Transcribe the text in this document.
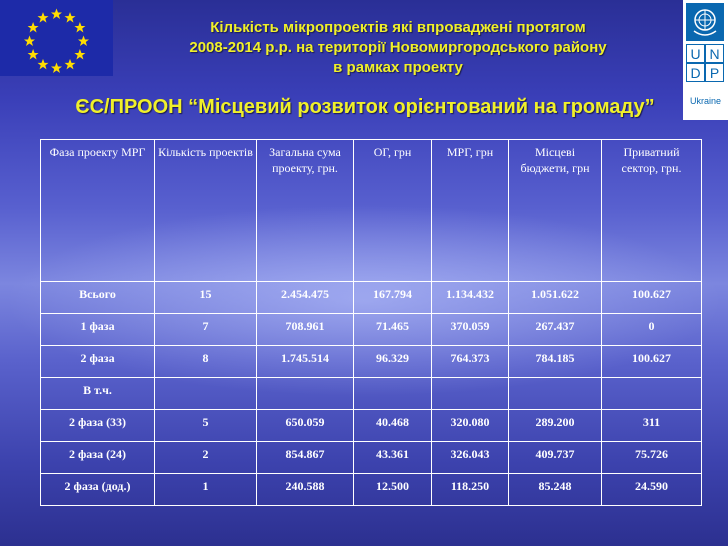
U N
D P
Ukraine
Кількість мікропроектів які впроваджені протягом
2008-2014 р.р. на території Новомиргородського району
в рамках проекту
ЄС/ПРООН “Місцевий розвиток орієнтований на громаду”
Фаза проекту МРГ	Кількість проектів	Загальна сума проекту, грн.	ОГ, грн	МРГ, грн	Місцеві бюджети, грн	Приватний сектор, грн.
Всього	15	2.454.475	167.794	1.134.432	1.051.622	100.627
1 фаза	7	708.961	71.465	370.059	267.437	0
2 фаза	8	1.745.514	96.329	764.373	784.185	100.627
В т.ч.						
2 фаза (33)	5	650.059	40.468	320.080	289.200	311
2 фаза (24)	2	854.867	43.361	326.043	409.737	75.726
2 фаза (дод.)	1	240.588	12.500	118.250	85.248	24.590
